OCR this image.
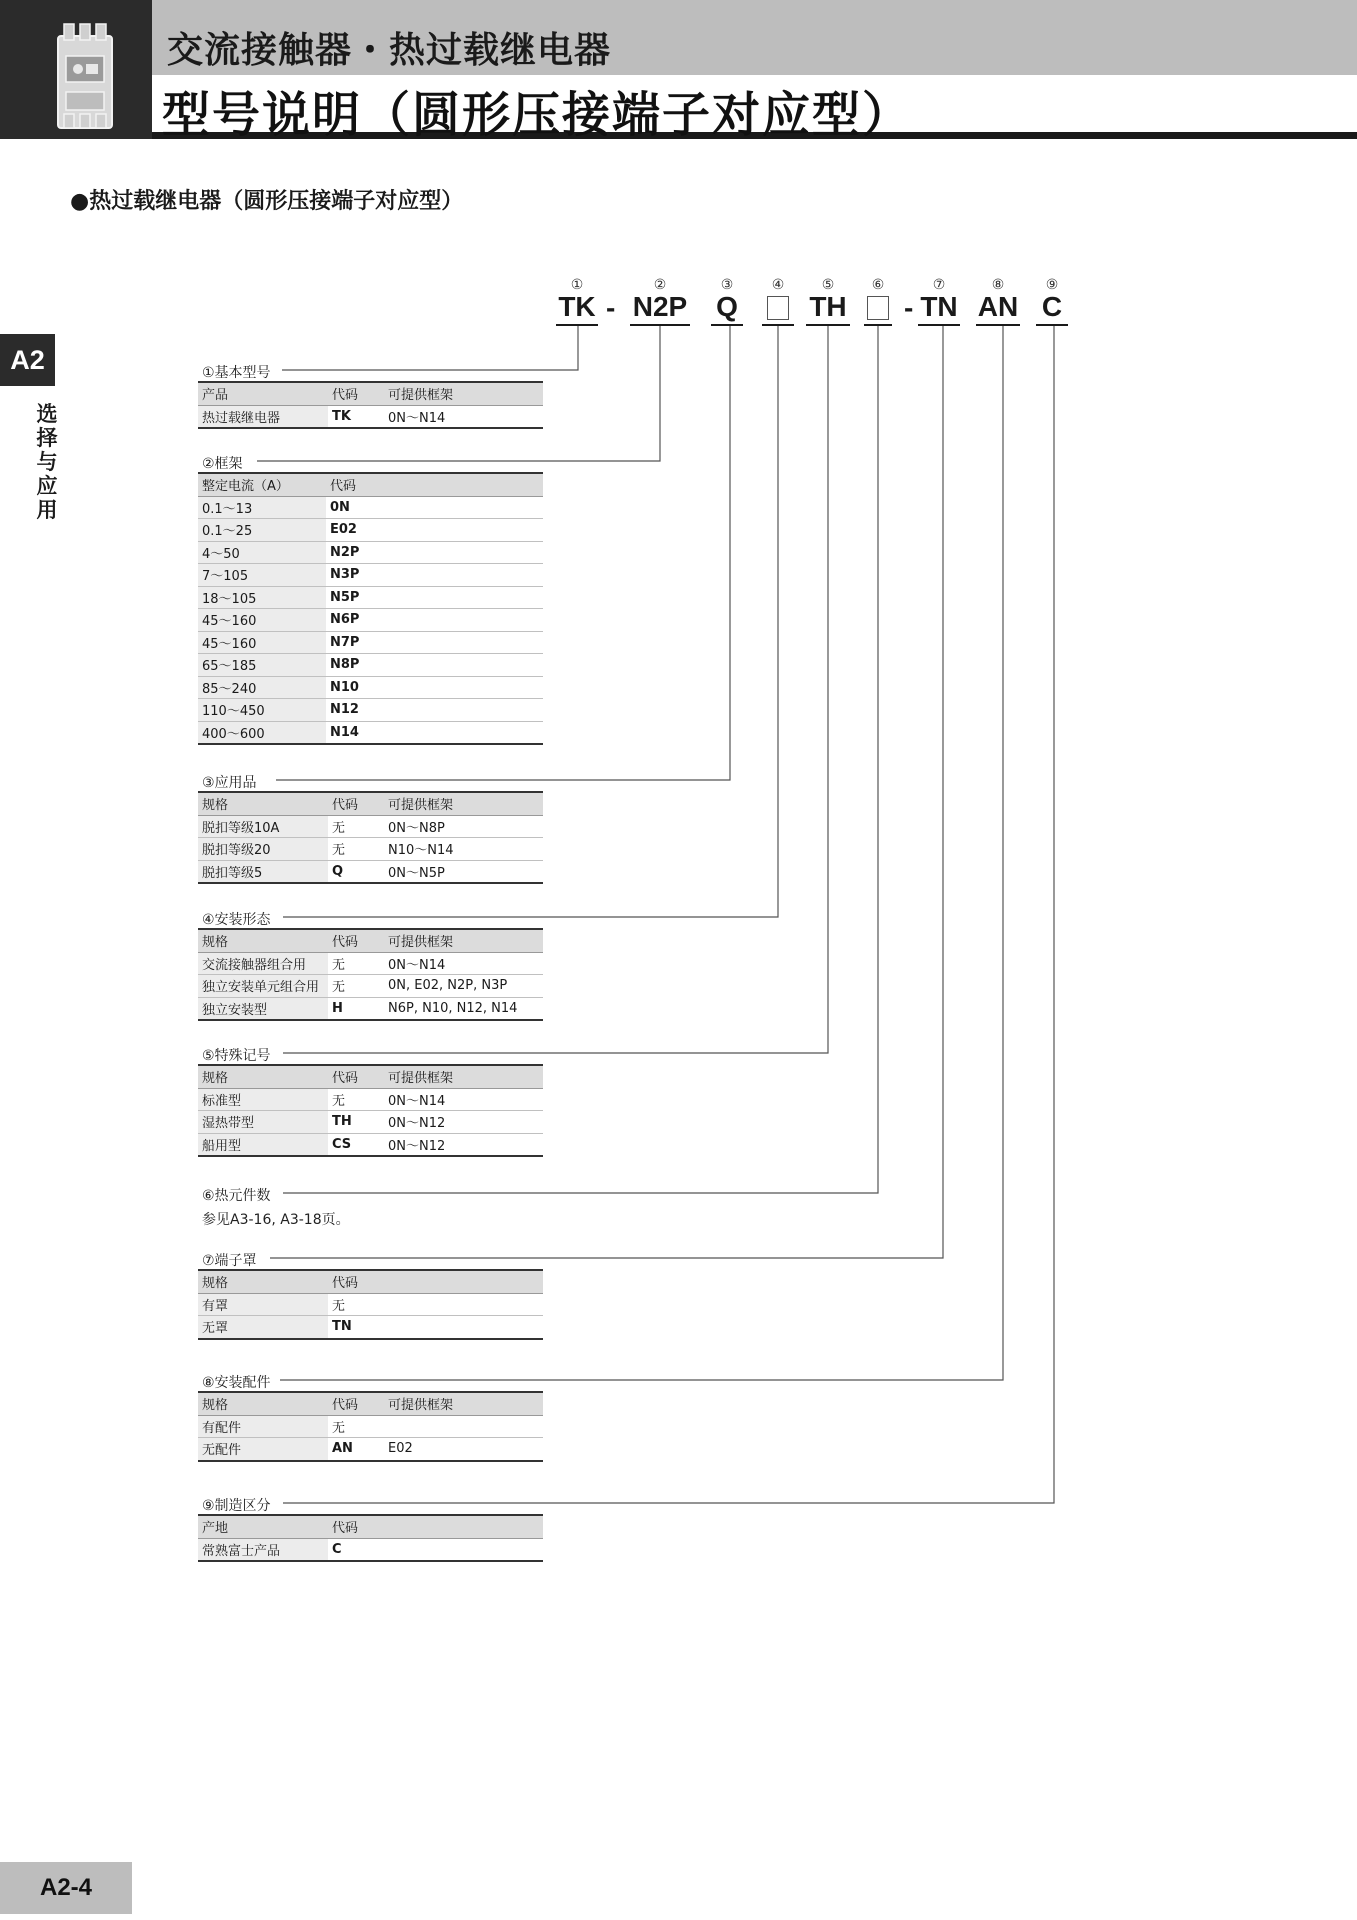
交流接触器・热过载继电器
型号说明（圆形压接端子对应型）
A2
选择与应用
●热过载继电器（圆形压接端子对应型）
①
TK -
②
N2P
③
Q
④	⑤
TH
⑥
-
⑦
TN
⑧
AN
⑨
C
①基本型号
产品	代码	可提供框架
热过载继电器	TK	0N～N14
②框架
整定电流（A）	代码
0.1～13	0N
0.1～25	E02
4～50	N2P
7～105	N3P
18～105	N5P
45～160	N6P
45～160	N7P
65～185	N8P
85～240	N10
110～450	N12
400～600	N14
③应用品
规格	代码	可提供框架
脱扣等级10A	无	0N～N8P
脱扣等级20	无	N10～N14
脱扣等级5	Q	0N～N5P
④安装形态
规格	代码	可提供框架
交流接触器组合用	无	0N～N14
独立安装单元组合用	无	0N, E02, N2P, N3P
独立安装型	H	N6P, N10, N12, N14
⑤特殊记号
规格	代码	可提供框架
标准型	无	0N～N14
湿热带型	TH	0N～N12
船用型	CS	0N～N12
⑥热元件数
参见A3-16, A3-18页。
⑦端子罩
规格	代码
有罩	无
无罩	TN
⑧安装配件
规格	代码	可提供框架
有配件	无	
无配件	AN	E02
⑨制造区分
产地	代码
常熟富士产品	C
A2-4
